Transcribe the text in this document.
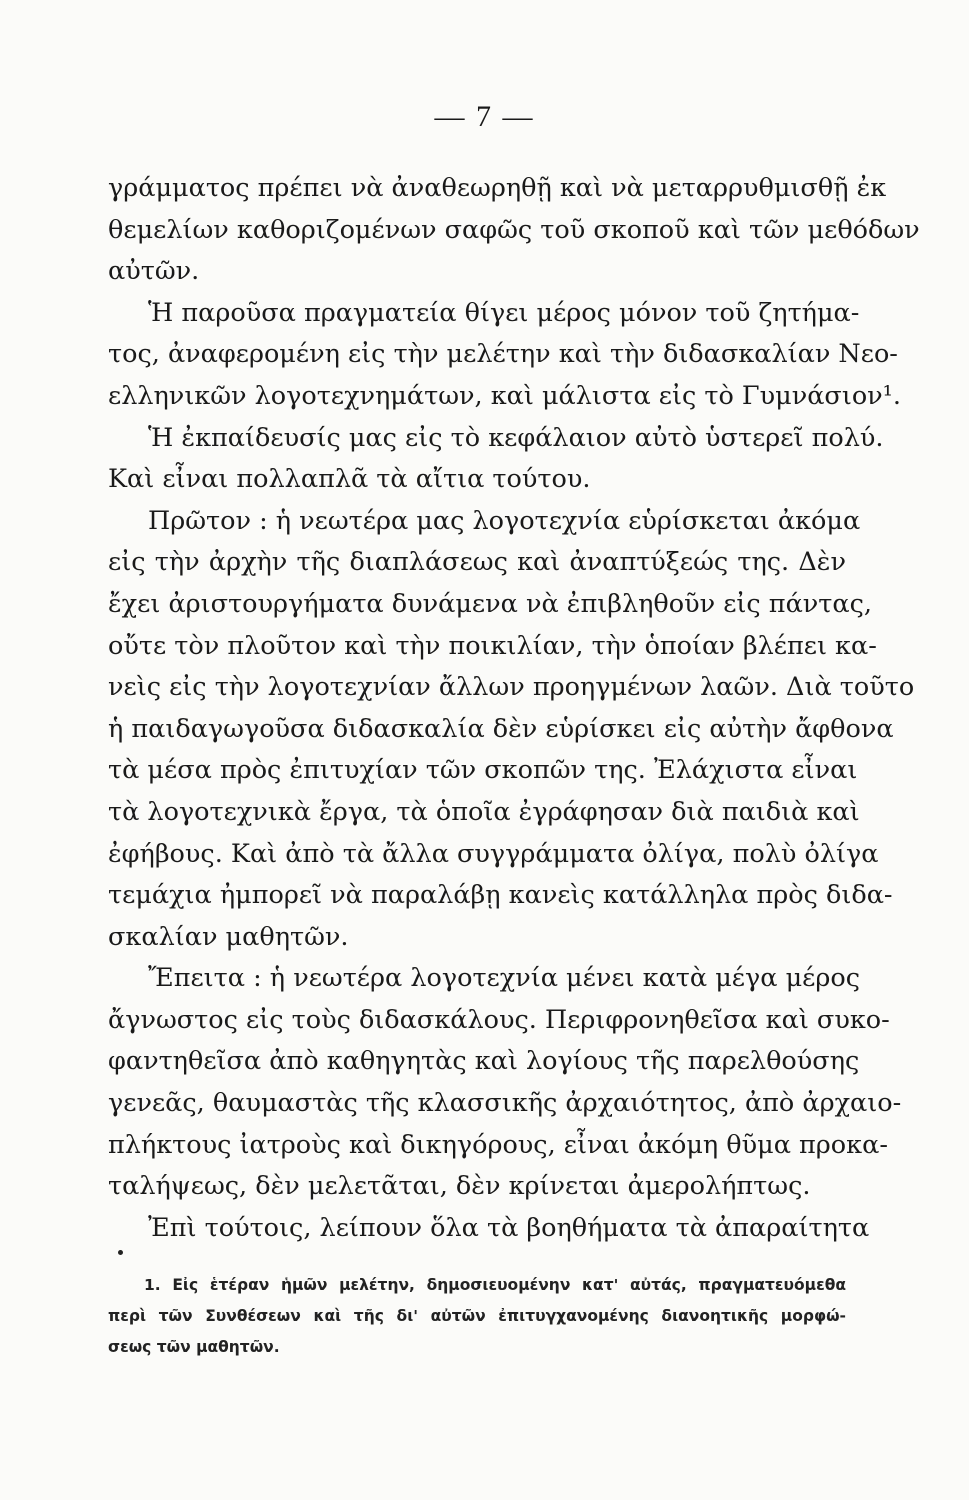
— 7 —
γράμματος πρέπει νὰ ἀναθεωρηθῇ καὶ νὰ μεταρρυθμισθῇ ἐκ
θεμελίων καθοριζομένων σαφῶς τοῦ σκοποῦ καὶ τῶν μεθόδων
αὐτῶν.
Ἡ παροῦσα πραγματεία θίγει μέρος μόνον τοῦ ζητήμα-
τος, ἀναφερομένη εἰς τὴν μελέτην καὶ τὴν διδασκαλίαν Νεο-
ελληνικῶν λογοτεχνημάτων, καὶ μάλιστα εἰς τὸ Γυμνάσιον¹.
Ἡ ἐκπαίδευσίς μας εἰς τὸ κεφάλαιον αὐτὸ ὑστερεῖ πολύ.
Καὶ εἶναι πολλαπλᾶ τὰ αἴτια τούτου.
Πρῶτον : ἡ νεωτέρα μας λογοτεχνία εὑρίσκεται ἀκόμα
εἰς τὴν ἀρχὴν τῆς διαπλάσεως καὶ ἀναπτύξεώς της. Δὲν
ἔχει ἀριστουργήματα δυνάμενα νὰ ἐπιβληθοῦν εἰς πάντας,
οὔτε τὸν πλοῦτον καὶ τὴν ποικιλίαν, τὴν ὁποίαν βλέπει κα-
νεὶς εἰς τὴν λογοτεχνίαν ἄλλων προηγμένων λαῶν. Διὰ τοῦτο
ἡ παιδαγωγοῦσα διδασκαλία δὲν εὑρίσκει εἰς αὐτὴν ἄφθονα
τὰ μέσα πρὸς ἐπιτυχίαν τῶν σκοπῶν της. Ἐλάχιστα εἶναι
τὰ λογοτεχνικὰ ἔργα, τὰ ὁποῖα ἐγράφησαν διὰ παιδιὰ καὶ
ἐφήβους. Καὶ ἀπὸ τὰ ἄλλα συγγράμματα ὀλίγα, πολὺ ὀλίγα
τεμάχια ἠμπορεῖ νὰ παραλάβῃ κανεὶς κατάλληλα πρὸς διδα-
σκαλίαν μαθητῶν.
Ἔπειτα : ἡ νεωτέρα λογοτεχνία μένει κατὰ μέγα μέρος
ἄγνωστος εἰς τοὺς διδασκάλους. Περιφρονηθεῖσα καὶ συκο-
φαντηθεῖσα ἀπὸ καθηγητὰς καὶ λογίους τῆς παρελθούσης
γενεᾶς, θαυμαστὰς τῆς κλασσικῆς ἀρχαιότητος, ἀπὸ ἀρχαιο-
πλήκτους ἰατροὺς καὶ δικηγόρους, εἶναι ἀκόμη θῦμα προκα-
ταλήψεως, δὲν μελετᾶται, δὲν κρίνεται ἀμερολήπτως.
Ἐπὶ τούτοις, λείπουν ὅλα τὰ βοηθήματα τὰ ἀπαραίτητα
1. Εἰς ἑτέραν ἡμῶν μελέτην, δημοσιευομένην κατ' αὐτάς, πραγματευόμεθα
περὶ τῶν Συνθέσεων καὶ τῆς δι' αὐτῶν ἐπιτυγχανομένης διανοητικῆς μορφώ-
σεως τῶν μαθητῶν.
